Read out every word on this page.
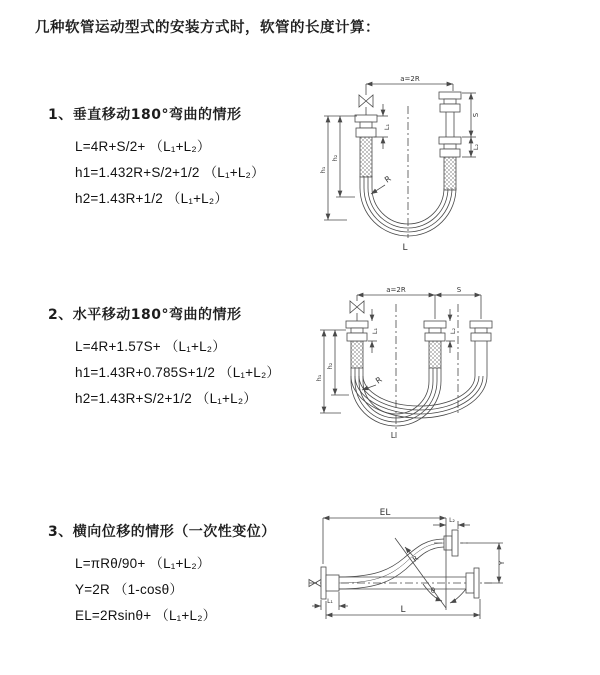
几种软管运动型式的安装方式时，软管的长度计算：
1、垂直移动180°弯曲的情形
L=4R+S/2+ （L₁+L₂）
h1=1.432R+S/2+1/2 （L₁+L₂）
h2=1.43R+1/2 （L₁+L₂）
a=2R
S
L₂
h₁
h₂
L₁
R
L
2、水平移动180°弯曲的情形
L=4R+1.57S+ （L₁+L₂）
h1=1.43R+0.785S+1/2 （L₁+L₂）
h2=1.43R+S/2+1/2 （L₁+L₂）
a=2R	S
h₁
h₂
L₁	L₂
R
L
3、横向位移的情形（一次性变位）
L=πRθ/90+ （L₁+L₂）
Y=2R （1-cosθ）
EL=2Rsinθ+ （L₁+L₂）
EL
L₂
Y
R
θ
L
L₁
